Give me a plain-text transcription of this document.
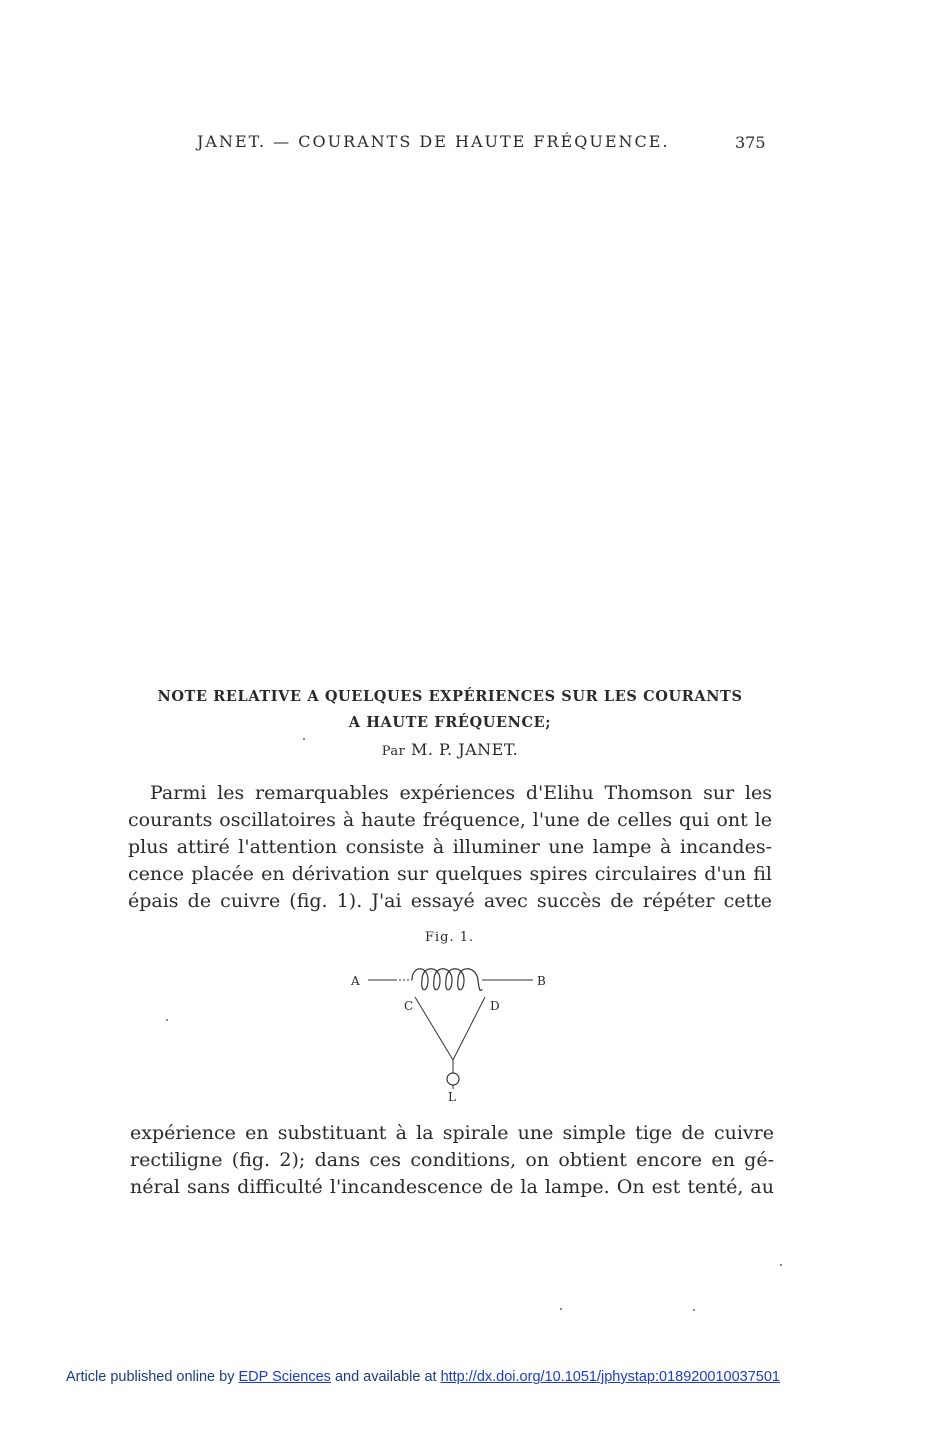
JANET. — COURANTS DE HAUTE FRÉQUENCE.	375
NOTE RELATIVE A QUELQUES EXPÉRIENCES SUR LES COURANTS
A HAUTE FRÉQUENCE;
Par M. P. JANET.
Parmi les remarquables expériences d'Elihu Thomson sur les
courants oscillatoires à haute fréquence, l'une de celles qui ont le
plus attiré l'attention consiste à illuminer une lampe à incandes-
cence placée en dérivation sur quelques spires circulaires d'un fil
épais de cuivre (fig. 1). J'ai essayé avec succès de répéter cette
Fig. 1.
A	B
C	D
L
expérience en substituant à la spirale une simple tige de cuivre
rectiligne (fig. 2); dans ces conditions, on obtient encore en gé-
néral sans difficulté l'incandescence de la lampe. On est tenté, au
Article published online by EDP Sciences and available at http://dx.doi.org/10.1051/jphystap:018920010037501
